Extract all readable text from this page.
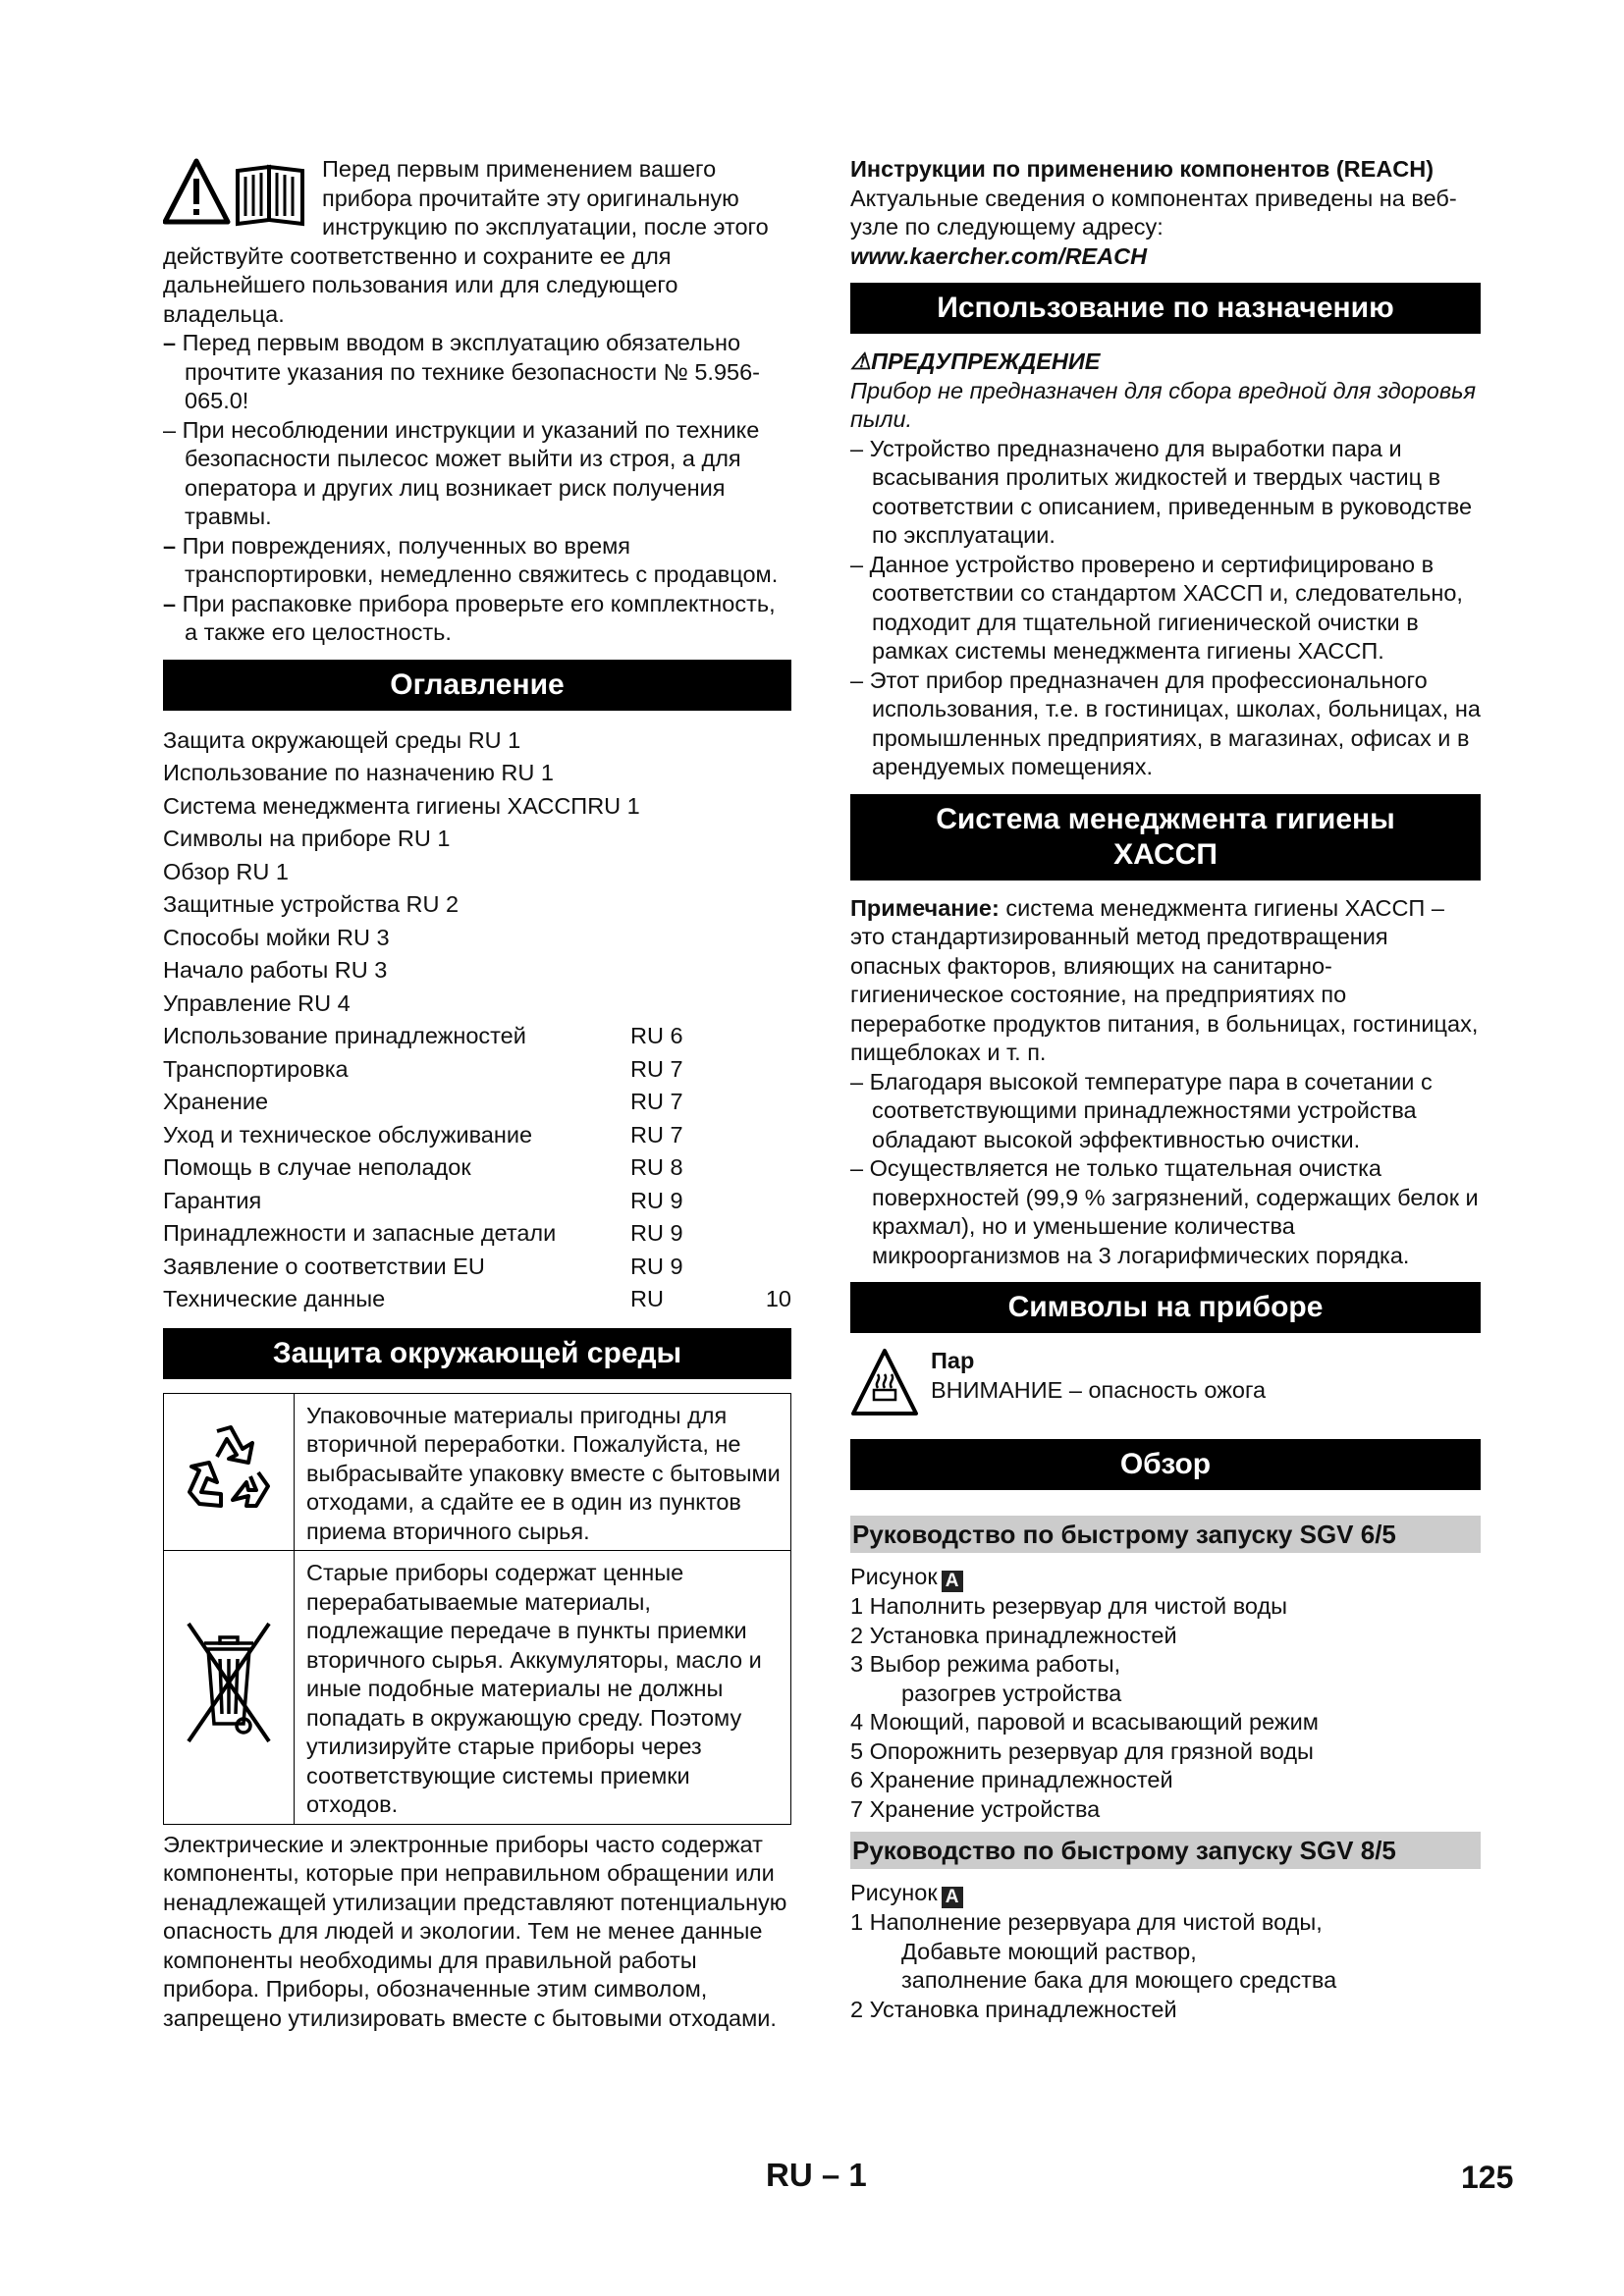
Перед первым применением вашего прибора прочитайте эту оригинальную инструкцию по эксплуатации, после этого действуйте соответственно и сохраните ее для дальнейшего пользования или для следующего владельца.

– Перед первым вводом в эксплуатацию обязательно прочтите указания по технике безопасности № 5.956-065.0!
– При несоблюдении инструкции и указаний по технике безопасности пылесос может выйти из строя, а для оператора и других лиц возникает риск получения травмы.
– При повреждениях, полученных во время транспортировки, немедленно свяжитесь с продавцом.
– При распаковке прибора проверьте его комплектность, а также его целостность.
Оглавление
Защита окружающей среды RU 1
Использование по назначению RU 1
Система менеджмента гигиены ХАССПRU 1
Символы на приборе RU 1
Обзор RU 1
Защитные устройства RU 2
Способы мойки RU 3
Начало работы RU 3
Управление RU 4
Использование принадлежностей	RU 6
Транспортировка	RU 7
Хранение	RU 7
Уход и техническое обслуживание	RU 7
Помощь в случае неполадок	RU 8
Гарантия	RU 9
Принадлежности и запасные детали	RU 9
Заявление о соответствии EU	RU 9
Технические данные	RU	10
Защита окружающей среды
	Упаковочные материалы пригодны для вторичной переработки. Пожалуйста, не выбрасывайте упаковку вместе с бытовыми отходами, а сдайте ее в один из пунктов приема вторичного сырья.
	Старые приборы содержат ценные перерабатываемые материалы, подлежащие передаче в пункты приемки вторичного сырья. Аккумуляторы, масло и иные подобные материалы не должны попадать в окружающую среду. Поэтому утилизируйте старые приборы через соответствующие системы приемки отходов.

Электрические и электронные приборы часто содержат компоненты, которые при неправильном обращении или ненадлежащей утилизации представляют потенциальную опасность для людей и экологии. Тем не менее данные компоненты необходимы для правильной работы прибора. Приборы, обозначенные этим символом, запрещено утилизировать вместе с бытовыми отходами.

Инструкции по применению компонентов (REACH)

Актуальные сведения о компонентах приведены на веб-узле по следующему адресу:

www.kaercher.com/REACH

Использование по назначению

⚠ПРЕДУПРЕЖДЕНИЕ

Прибор не предназначен для сбора вредной для здоровья пыли.

– Устройство предназначено для выработки пара и всасывания пролитых жидкостей и твердых частиц в соответствии с описанием, приведенным в руководстве по эксплуатации.
– Данное устройство проверено и сертифицировано в соответствии со стандартом ХАССП и, следовательно, подходит для тщательной гигиенической очистки в рамках системы менеджмента гигиены ХАССП.
– Этот прибор предназначен для профессионального использования, т.е. в гостиницах, школах, больницах, на промышленных предприятиях, в магазинах, офисах и в арендуемых помещениях.
Система менеджмента гигиены
ХАССП

Примечание: система менеджмента гигиены ХАССП – это стандартизированный метод предотвращения опасных факторов, влияющих на санитарно-гигиеническое состояние, на предприятиях по переработке продуктов питания, в больницах, гостиницах, пищеблоках и т. п.

– Благодаря высокой температуре пара в сочетании с соответствующими принадлежностями устройства обладают высокой эффективностью очистки.
– Осуществляется не только тщательная очистка поверхностей (99,9 % загрязнений, содержащих белок и крахмал), но и уменьшение количества микроорганизмов на 3 логарифмических порядка.
Символы на приборе

Пар

ВНИМАНИЕ – опасность ожога

Обзор
Руководство по быстрому запуску SGV 6/5

Рисунок A

1 Наполнить резервуар для чистой воды
2 Установка принадлежностей
3 Выбор режима работы,
разогрев устройства
4 Моющий, паровой и всасывающий режим
5 Опорожнить резервуар для грязной воды
6 Хранение принадлежностей
7 Хранение устройства
Руководство по быстрому запуску SGV 8/5

Рисунок A

1 Наполнение резервуара для чистой воды,
Добавьте моющий раствор,
заполнение бака для моющего средства
2 Установка принадлежностей
RU – 1	125
